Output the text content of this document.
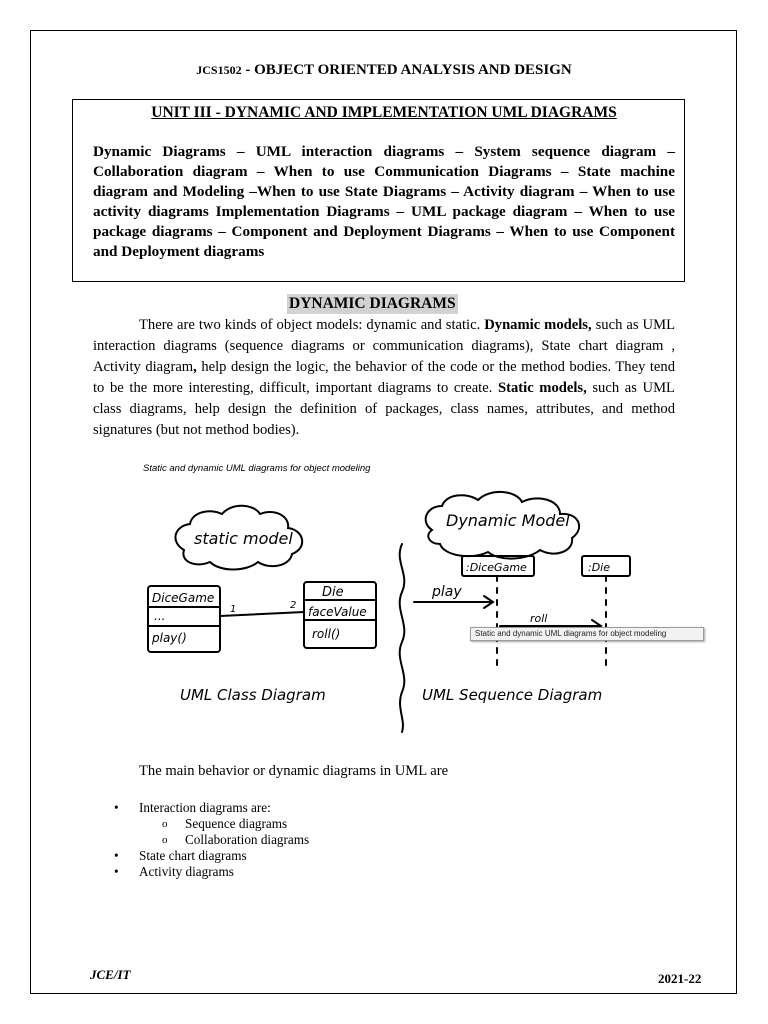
JCS1502 - OBJECT ORIENTED ANALYSIS AND DESIGN
UNIT III - DYNAMIC AND IMPLEMENTATION UML DIAGRAMS
Dynamic Diagrams – UML interaction diagrams – System sequence diagram – Collaboration diagram – When to use Communication Diagrams – State machine diagram and Modeling –When to use State Diagrams – Activity diagram – When to use activity diagrams Implementation Diagrams – UML package diagram – When to use package diagrams – Component and Deployment Diagrams – When to use Component and Deployment diagrams
DYNAMIC DIAGRAMS
There are two kinds of object models: dynamic and static. Dynamic models, such as UML interaction diagrams (sequence diagrams or communication diagrams), State chart diagram , Activity diagram, help design the logic, the behavior of the code or the method bodies. They tend to be the more interesting, difficult, important diagrams to create. Static models, such as UML class diagrams, help design the definition of packages, class names, attributes, and method signatures (but not method bodies).
Static and dynamic UML diagrams for object modeling
static model
Dynamic Model
DiceGame
...
play()
Die
faceValue
roll()
1	2
:DiceGame	:Die
play
roll
UML Class Diagram	UML Sequence Diagram
Static and dynamic UML diagrams for object modeling
The main behavior or dynamic diagrams in UML are
• Interaction diagrams are:
o Sequence diagrams
o Collaboration diagrams
• State chart diagrams
• Activity diagrams
JCE/IT	2021-22
